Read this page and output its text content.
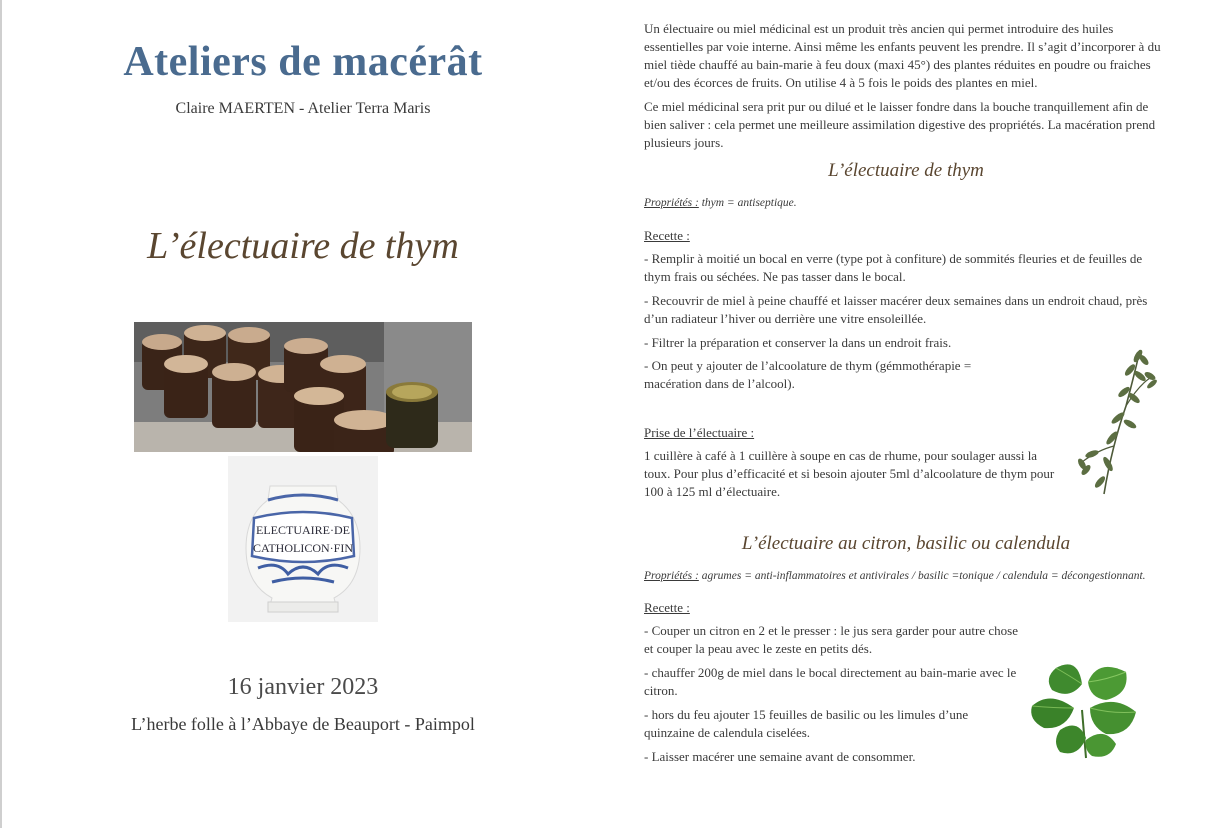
Ateliers de macérât
Claire MAERTEN - Atelier Terra Maris
L’électuaire de thym
ELECTUAIRE·DE
CATHOLICON·FIN
16 janvier 2023
L’herbe folle à l’Abbaye de Beauport - Paimpol
Un électuaire ou miel médicinal est un produit très ancien qui permet introduire des huiles essentielles par voie interne. Ainsi même les enfants peuvent les prendre. Il s’agit d’incorporer à du miel tiède chauffé au bain-marie à feu doux (maxi 45°) des plantes réduites en poudre ou fraiches et/ou des écorces de fruits. On utilise 4 à 5 fois le poids des plantes en miel.
Ce miel médicinal sera prit pur ou dilué et le laisser fondre dans la bouche tranquillement afin de bien saliver : cela permet une meilleure assimilation digestive des propriétés. La macération prend plusieurs jours.
L’électuaire de thym
Propriétés : thym = antiseptique.
Recette :
- Remplir à moitié un bocal en verre (type pot à confiture) de sommités fleuries et de feuilles de thym frais ou séchées. Ne pas tasser dans le bocal.
- Recouvrir de miel à peine chauffé et laisser macérer deux semaines dans un endroit chaud, près d’un radiateur l’hiver ou derrière une vitre ensoleillée.
- Filtrer la préparation et conserver la dans un endroit frais.
- On peut y ajouter de l’alcoolature de thym (gémmothérapie = macération dans de l’alcool).
Prise de l’électuaire :
1 cuillère à café à 1 cuillère à soupe en cas de rhume, pour soulager aussi la toux. Pour plus d’efficacité et si besoin ajouter 5ml d’alcoolature de thym pour 100 à 125 ml d’électuaire.
L’électuaire au citron, basilic ou calendula
Propriétés : agrumes = anti-inflammatoires et antivirales / basilic =tonique / calendula = décongestionnant.
Recette :
- Couper un citron en 2 et le presser : le jus sera garder pour autre chose et couper la peau avec le zeste en petits dés.
- chauffer 200g de miel dans le bocal directement au bain-marie avec le citron.
- hors du feu ajouter 15 feuilles de basilic ou les limules d’une quinzaine de calendula ciselées.
- Laisser macérer une semaine avant de consommer.
